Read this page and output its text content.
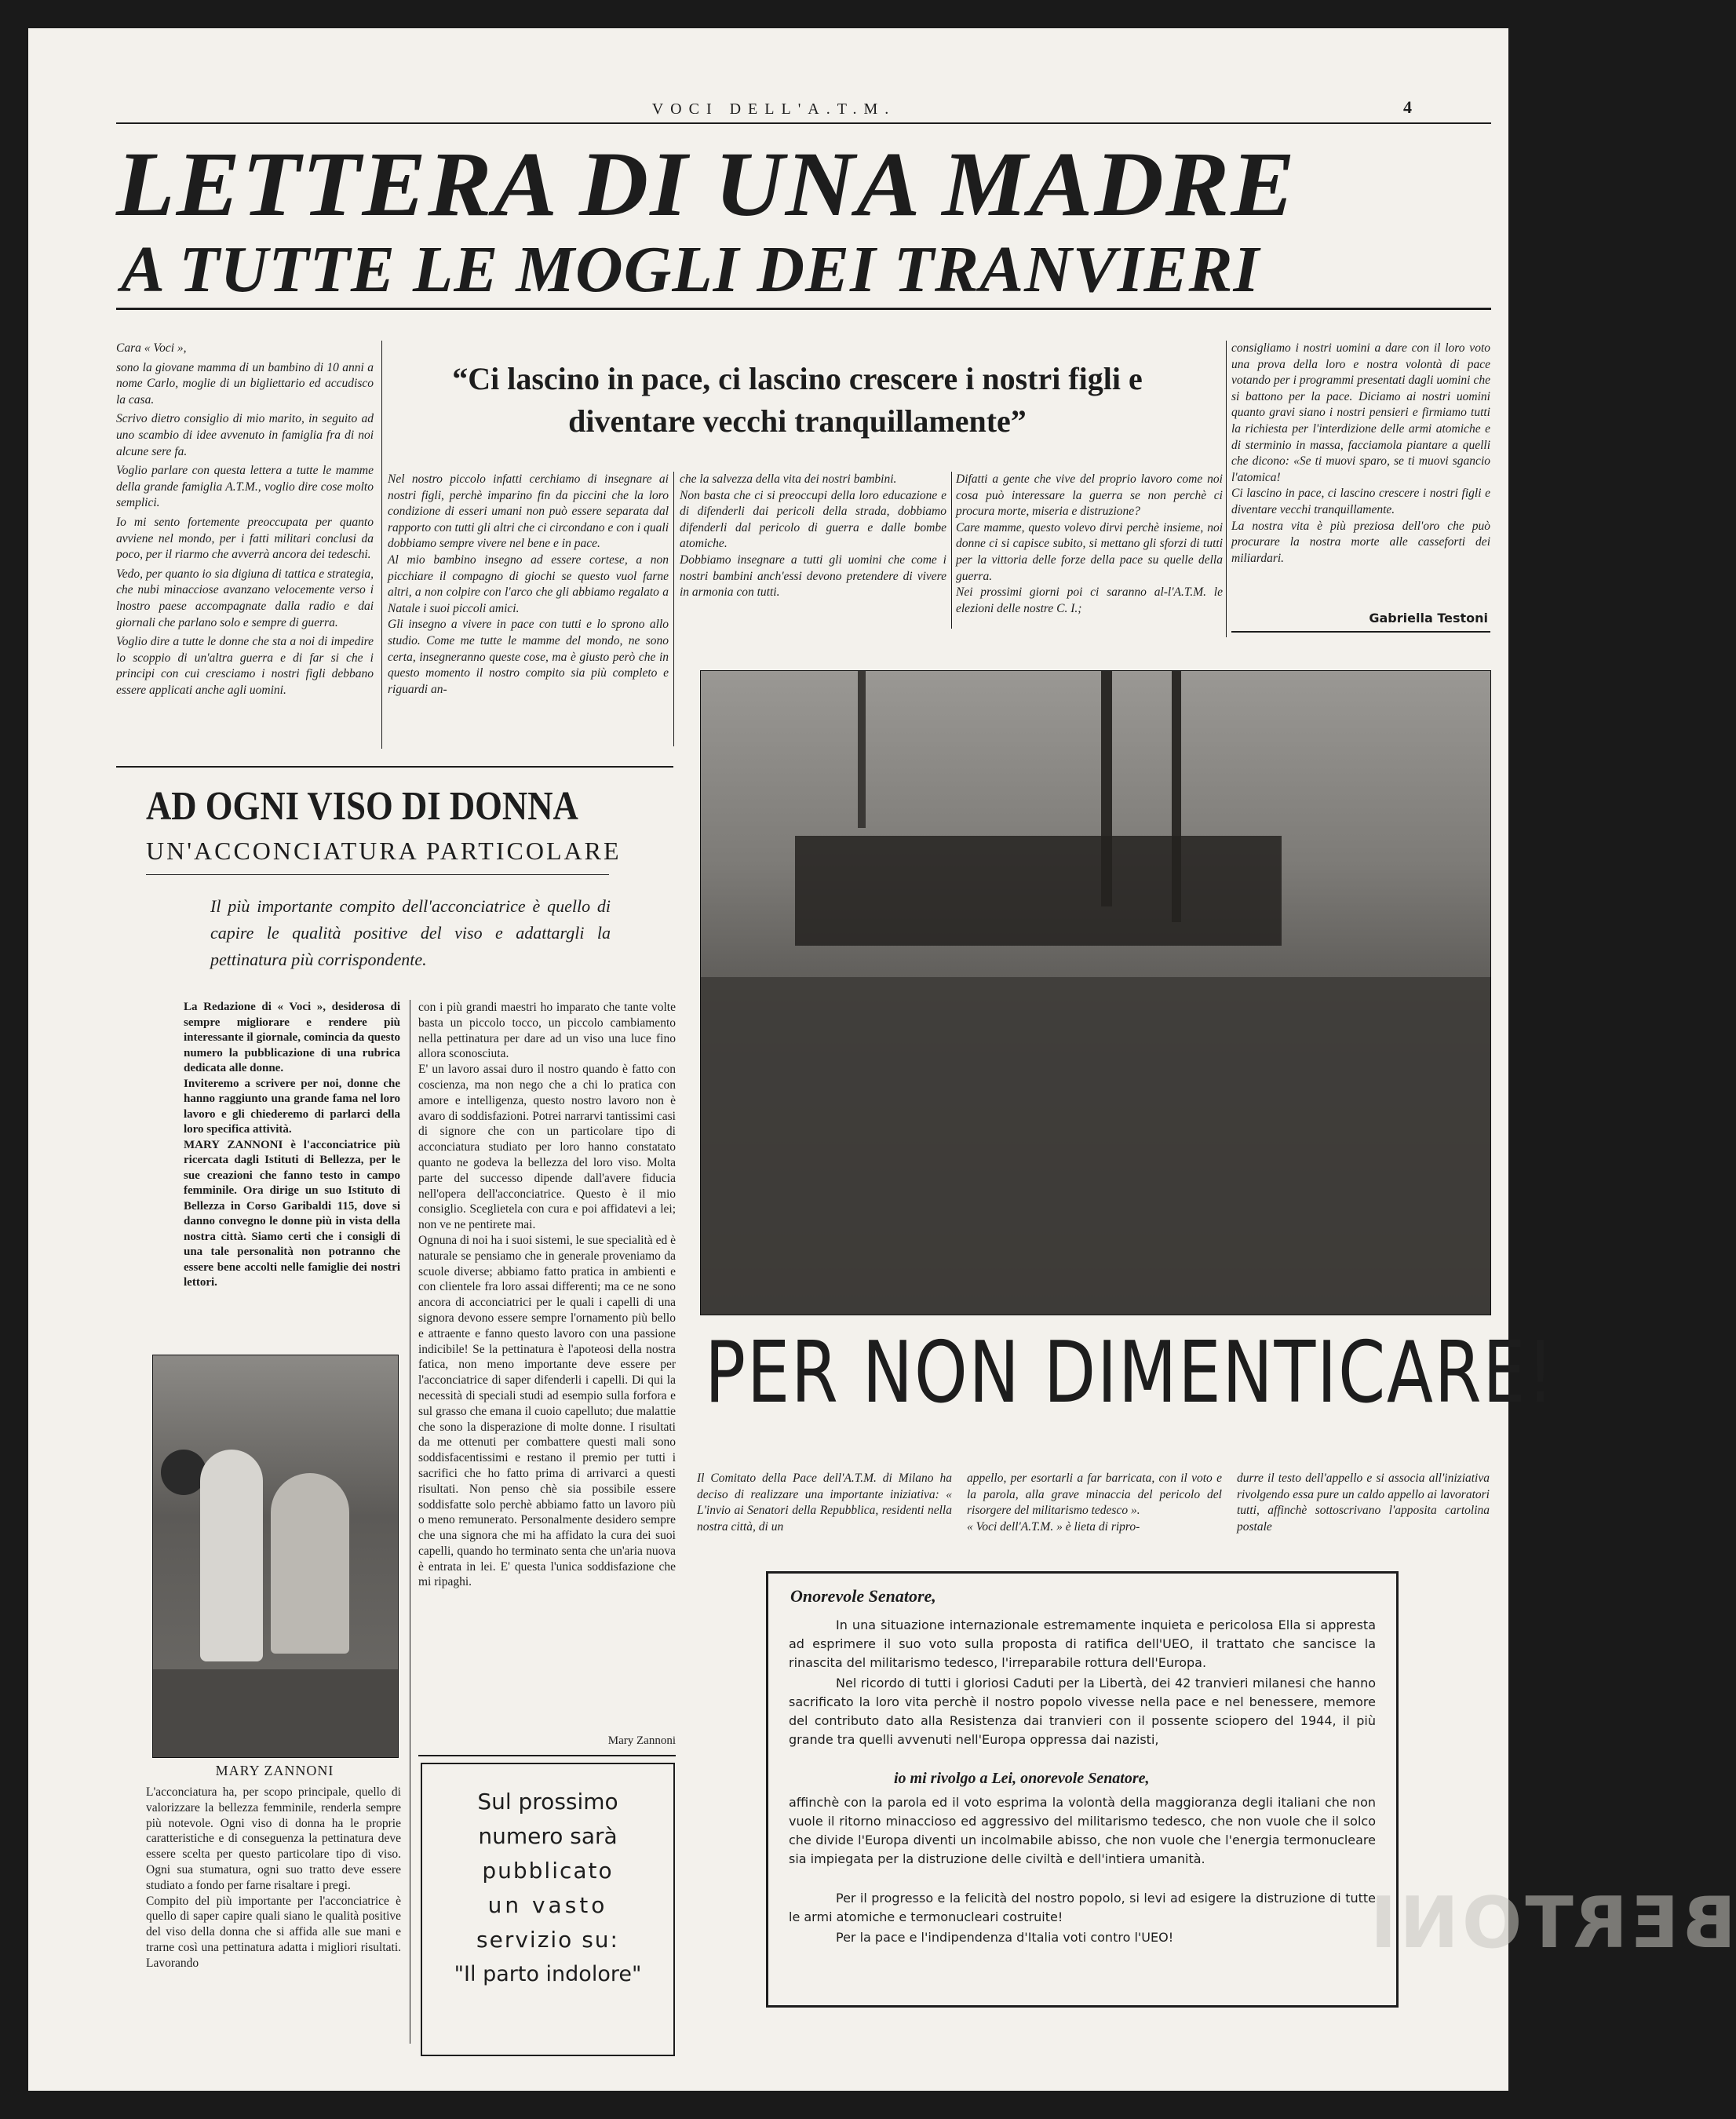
VOCI DELL'A.T.M.	4
LETTERA DI UNA MADRE
A TUTTE LE MOGLI DEI TRANVIERI

Cara « Voci »,

sono la giovane mamma di un bambino di 10 anni a nome Carlo, moglie di un bigliettario ed accudisco la casa.

Scrivo dietro consiglio di mio marito, in seguito ad uno scambio di idee avvenuto in famiglia fra di noi alcune sere fa.

Voglio parlare con questa lettera a tutte le mamme della grande famiglia A.T.M., voglio dire cose molto semplici.

Io mi sento fortemente preoccupata per quanto avviene nel mondo, per i fatti militari conclusi da poco, per il riarmo che avverrà ancora dei tedeschi.

Vedo, per quanto io sia digiuna di tattica e strategia, che nubi minacciose avanzano velocemente verso i lnostro paese accompagnate dalla radio e dai giornali che parlano solo e sempre di guerra.

Voglio dire a tutte le donne che sta a noi di impedire lo scoppio di un'altra guerra e di far si che i principi con cui cresciamo i nostri figli debbano essere applicati anche agli uomini.

“Ci lascino in pace, ci lascino crescere i nostri figli e diventare vecchi tranquillamente”
Nel nostro piccolo infatti cerchiamo di insegnare ai nostri figli, perchè imparino fin da piccini che la loro condizione di esseri umani non può essere separata dal rapporto con tutti gli altri che ci circondano e con i quali dobbiamo sempre vivere nel bene e in pace.
Al mio bambino insegno ad essere cortese, a non picchiare il compagno di giochi se questo vuol farne altri, a non colpire con l'arco che gli abbiamo regalato a Natale i suoi piccoli amici.
Gli insegno a vivere in pace con tutti e lo sprono allo studio. Come me tutte le mamme del mondo, ne sono certa, insegneranno queste cose, ma è giusto però che in questo momento il nostro compito sia più completo e riguardi an-
che la salvezza della vita dei nostri bambini.
Non basta che ci si preoccupi della loro educazione e di difenderli dai pericoli della strada, dobbiamo difenderli dal pericolo di guerra e dalle bombe atomiche.
Dobbiamo insegnare a tutti gli uomini che come i nostri bambini anch'essi devono pretendere di vivere in armonia con tutti.
Difatti a gente che vive del proprio lavoro come noi cosa può interessare la guerra se non perchè ci procura morte, miseria e distruzione?
Care mamme, questo volevo dirvi perchè insieme, noi donne ci si capisce subito, si mettano gli sforzi di tutti per la vittoria delle forze della pace su quelle della guerra.
Nei prossimi giorni poi ci saranno al-l'A.T.M. le elezioni delle nostre C. I.;
consigliamo i nostri uomini a dare con il loro voto una prova della loro e nostra volontà di pace votando per i programmi presentati dagli uomini che si battono per la pace. Diciamo ai nostri uomini quanto gravi siano i nostri pensieri e firmiamo tutti la richiesta per l'interdizione delle armi atomiche e di sterminio in massa, facciamola piantare a quelli che dicono: «Se ti muovi sparo, se ti muovi sgancio l'atomica!
Ci lascino in pace, ci lascino crescere i nostri figli e diventare vecchi tranquillamente.
La nostra vita è più preziosa dell'oro che può procurare la nostra morte alle casseforti dei miliardari.
Gabriella Testoni
AD OGNI VISO DI DONNA
UN'ACCONCIATURA PARTICOLARE
Il più importante compito dell'acconciatrice è quello di capire le qualità positive del viso e adattargli la pettinatura più corrispondente.
La Redazione di « Voci », desiderosa di sempre migliorare e rendere più interessante il giornale, comincia da questo numero la pubblicazione di una rubrica dedicata alle donne.
Inviteremo a scrivere per noi, donne che hanno raggiunto una grande fama nel loro lavoro e gli chiederemo di parlarci della loro specifica attività.
MARY ZANNONI è l'acconciatrice più ricercata dagli Istituti di Bellezza, per le sue creazioni che fanno testo in campo femminile. Ora dirige un suo Istituto di Bellezza in Corso Garibaldi 115, dove si danno convegno le donne più in vista della nostra città. Siamo certi che i consigli di una tale personalità non potranno che essere bene accolti nelle famiglie dei nostri lettori.
MARY ZANNONI
L'acconciatura ha, per scopo principale, quello di valorizzare la bellezza femminile, renderla sempre più notevole. Ogni viso di donna ha le proprie caratteristiche e di conseguenza la pettinatura deve essere scelta per questo particolare tipo di viso. Ogni sua stumatura, ogni suo tratto deve essere studiato a fondo per farne risaltare i pregi.
Compito del più importante per l'acconciatrice è quello di saper capire quali siano le qualità positive del viso della donna che si affida alle sue mani e trarne così una pettinatura adatta i migliori risultati. Lavorando
con i più grandi maestri ho imparato che tante volte basta un piccolo tocco, un piccolo cambiamento nella pettinatura per dare ad un viso una luce fino allora sconosciuta.
E' un lavoro assai duro il nostro quando è fatto con coscienza, ma non nego che a chi lo pratica con amore e intelligenza, questo nostro lavoro non è avaro di soddisfazioni. Potrei narrarvi tantissimi casi di signore che con un particolare tipo di acconciatura studiato per loro hanno constatato quanto ne godeva la bellezza del loro viso. Molta parte del successo dipende dall'avere fiducia nell'opera dell'acconciatrice. Questo è il mio consiglio. Sceglietela con cura e poi affidatevi a lei; non ve ne pentirete mai.
Ognuna di noi ha i suoi sistemi, le sue specialità ed è naturale se pensiamo che in generale proveniamo da scuole diverse; abbiamo fatto pratica in ambienti e con clientele fra loro assai differenti; ma ce ne sono ancora di acconciatrici per le quali i capelli di una signora devono essere sempre l'ornamento più bello e attraente e fanno questo lavoro con una passione indicibile! Se la pettinatura è l'apoteosi della nostra fatica, non meno importante deve essere per l'acconciatrice di saper difenderli i capelli. Di qui la necessità di speciali studi ad esempio sulla forfora e sul grasso che emana il cuoio capelluto; due malattie che sono la disperazione di molte donne. I risultati da me ottenuti per combattere questi mali sono soddisfacentissimi e restano il premio per tutti i sacrifici che ho fatto prima di arrivarci a questi risultati. Non penso chè sia possibile essere soddisfatte solo perchè abbiamo fatto un lavoro più o meno remunerato. Personalmente desidero sempre che una signora che mi ha affidato la cura dei suoi capelli, quando ho terminato senta che un'aria nuova è entrata in lei. E' questa l'unica soddisfazione che mi ripaghi.
Mary Zannoni
Sul prossimo
numero sarà
pubblicato
un vasto
servizio su:
"Il parto indolore"
PER NON DIMENTICARE!
Il Comitato della Pace dell'A.T.M. di Milano ha deciso di realizzare una importante iniziativa: « L'invio ai Senatori della Repubblica, residenti nella nostra città, di un
appello, per esortarli a far barricata, con il voto e la parola, alla grave minaccia del pericolo del risorgere del militarismo tedesco ».
« Voci dell'A.T.M. » è lieta di ripro-
durre il testo dell'appello e si associa all'iniziativa rivolgendo essa pure un caldo appello ai lavoratori tutti, affinchè sottoscrivano l'apposita cartolina postale
Onorevole Senatore,
In una situazione internazionale estremamente inquieta e pericolosa Ella si appresta ad esprimere il suo voto sulla proposta di ratifica dell'UEO, il trattato che sancisce la rinascita del militarismo tedesco, l'irreparabile rottura dell'Europa.
Nel ricordo di tutti i gloriosi Caduti per la Libertà, dei 42 tranvieri milanesi che hanno sacrificato la loro vita perchè il nostro popolo vivesse nella pace e nel benessere, memore del contributo dato alla Resistenza dai tranvieri con il possente sciopero del 1944, il più grande tra quelli avvenuti nell'Europa oppressa dai nazisti,
io mi rivolgo a Lei, onorevole Senatore,
affinchè con la parola ed il voto esprima la volontà della maggioranza degli italiani che non vuole il ritorno minaccioso ed aggressivo del militarismo tedesco, che non vuole che il solco che divide l'Europa diventi un incolmabile abisso, che non vuole che l'energia termonucleare sia impiegata per la distruzione delle civiltà e dell'intiera umanità.
Per il progresso e la felicità del nostro popolo, si levi ad esigere la distruzione di tutte le armi atomiche e termonucleari costruite!
Per la pace e l'indipendenza d'Italia voti contro l'UEO!	BERTONI
